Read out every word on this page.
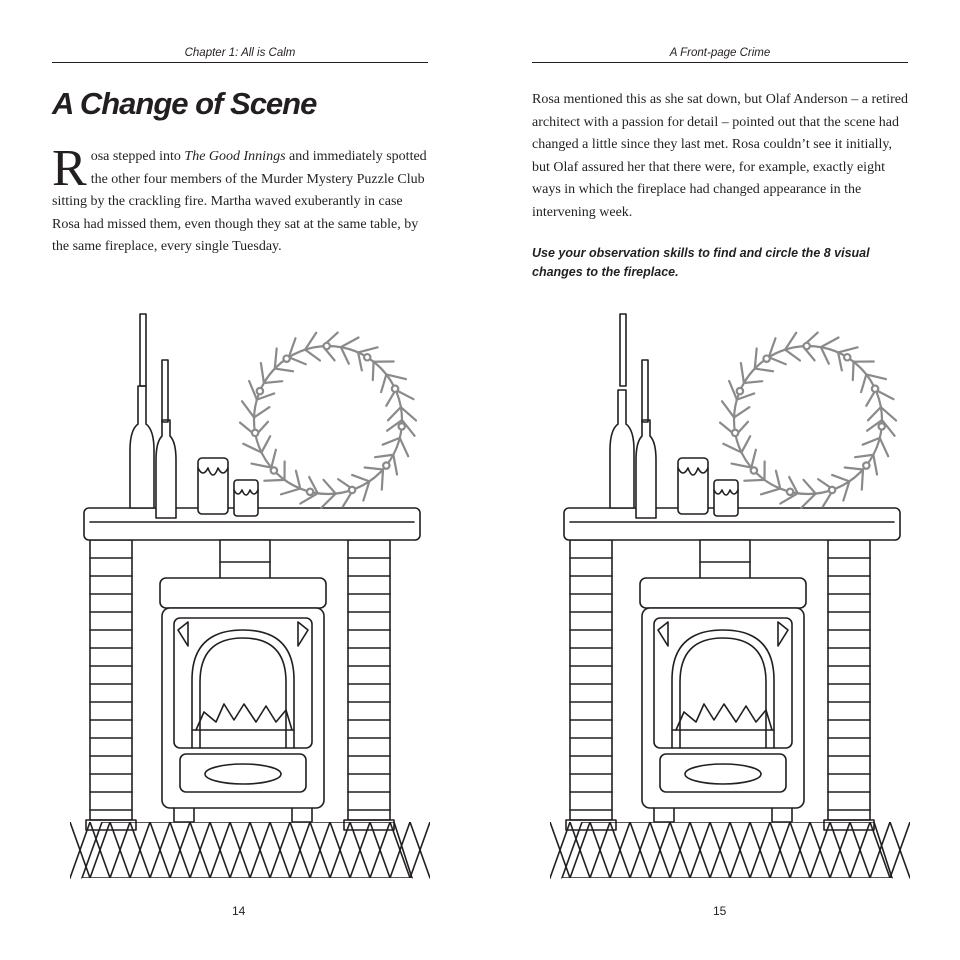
Chapter 1: All is Calm
A Change of Scene
Rosa stepped into The Good Innings and immediately spotted the other four members of the Murder Mystery Puzzle Club sitting by the crackling fire. Martha waved exuberantly in case Rosa had missed them, even though they sat at the same table, by the same fireplace, every single Tuesday.
14
A Front-page Crime
Rosa mentioned this as she sat down, but Olaf Anderson – a retired architect with a passion for detail – pointed out that the scene had changed a little since they last met. Rosa couldn’t see it initially, but Olaf assured her that there were, for example, exactly eight ways in which the fireplace had changed appearance in the intervening week.
Use your observation skills to find and circle the 8 visual changes to the fireplace.
15
